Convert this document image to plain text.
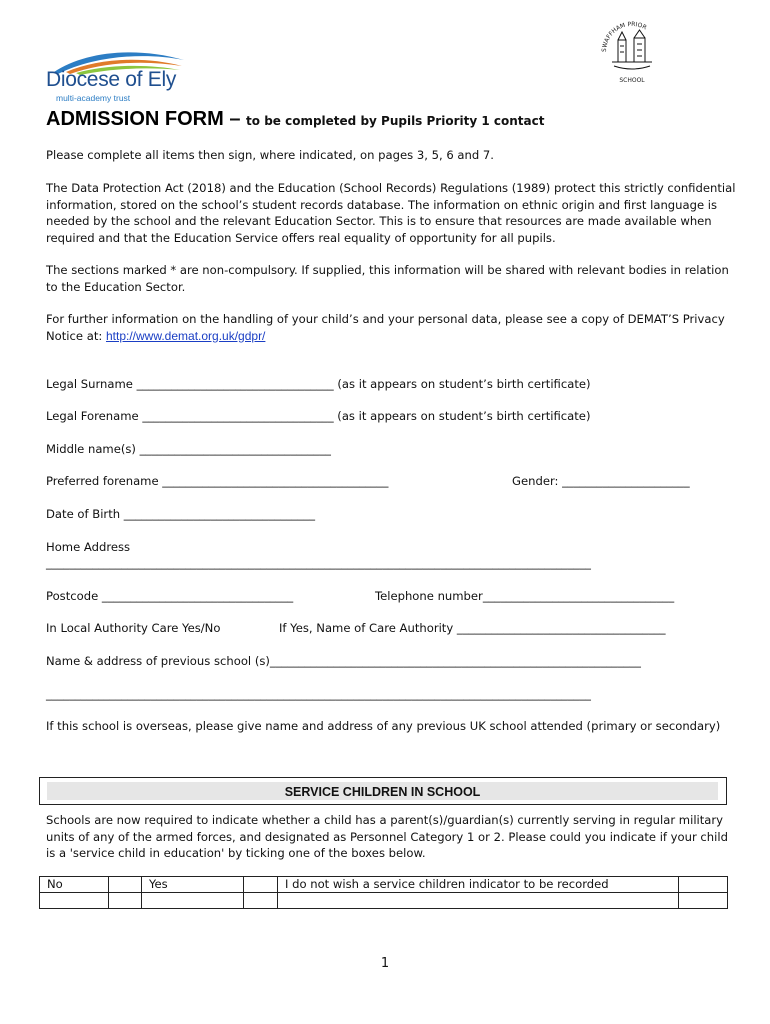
Diocese of Ely
multi-academy trust
SWAFFHAM PRIOR
SCHOOL
ADMISSION FORM – to be completed by Pupils Priority 1 contact
Please complete all items then sign, where indicated, on pages 3, 5, 6 and 7.
The Data Protection Act (2018) and the Education (School Records) Regulations (1989) protect this strictly confidential information, stored on the school’s student records database. The information on ethnic origin and first language is needed by the school and the relevant Education Sector. This is to ensure that resources are made available when required and that the Education Service offers real equality of opportunity for all pupils.
The sections marked * are non-compulsory. If supplied, this information will be shared with relevant bodies in relation to the Education Sector.
For further information on the handling of your child’s and your personal data, please see a copy of DEMAT’S Privacy Notice at: http://www.demat.org.uk/gdpr/
Legal Surname __________________________________ (as it appears on student’s birth certificate)
Legal Forename _________________________________ (as it appears on student’s birth certificate)
Middle name(s) _________________________________
Preferred forename _______________________________________	Gender: ______________________
Date of Birth _________________________________
Home Address
______________________________________________________________________________________________
Postcode _________________________________	Telephone number_________________________________
In Local Authority Care Yes/No	If Yes, Name of Care Authority ____________________________________
Name & address of previous school (s)________________________________________________________________
______________________________________________________________________________________________
If this school is overseas, please give name and address of any previous UK school attended (primary or secondary)
SERVICE CHILDREN IN SCHOOL
Schools are now required to indicate whether a child has a parent(s)/guardian(s) currently serving in regular military units of any of the armed forces, and designated as Personnel Category 1 or 2. Please could you indicate if your child is a 'service child in education' by ticking one of the boxes below.
No		Yes		I do not wish a service children indicator to be recorded	

1
